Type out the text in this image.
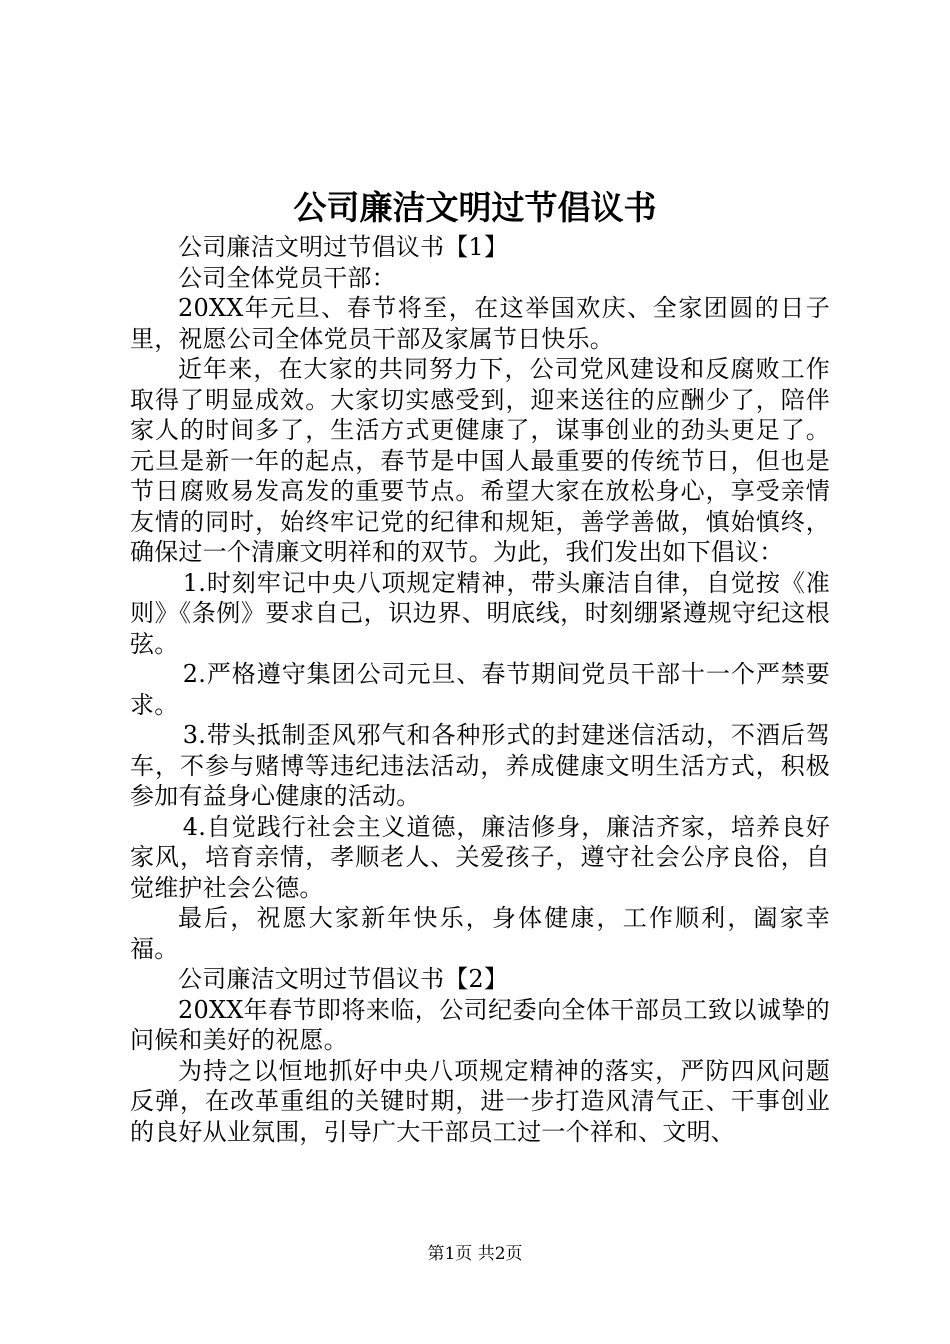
公司廉洁文明过节倡议书

公司廉洁文明过节倡议书【1】

公司全体党员干部：

20XX年元旦、春节将至，在这举国欢庆、全家团圆的日子里，祝愿公司全体党员干部及家属节日快乐。

近年来，在大家的共同努力下，公司党风建设和反腐败工作取得了明显成效。大家切实感受到，迎来送往的应酬少了，陪伴家人的时间多了，生活方式更健康了，谋事创业的劲头更足了。元旦是新一年的起点，春节是中国人最重要的传统节日，但也是节日腐败易发高发的重要节点。希望大家在放松身心，享受亲情友情的同时，始终牢记党的纪律和规矩，善学善做，慎始慎终，确保过一个清廉文明祥和的双节。为此，我们发出如下倡议：

1.时刻牢记中央八项规定精神，带头廉洁自律，自觉按《准则》《条例》要求自己，识边界、明底线，时刻绷紧遵规守纪这根弦。

2.严格遵守集团公司元旦、春节期间党员干部十一个严禁要求。

3.带头抵制歪风邪气和各种形式的封建迷信活动，不酒后驾车，不参与赌博等违纪违法活动，养成健康文明生活方式，积极参加有益身心健康的活动。

4.自觉践行社会主义道德，廉洁修身，廉洁齐家，培养良好家风，培育亲情，孝顺老人、关爱孩子，遵守社会公序良俗，自觉维护社会公德。

最后，祝愿大家新年快乐，身体健康，工作顺利，阖家幸福。

公司廉洁文明过节倡议书【2】

20XX年春节即将来临，公司纪委向全体干部员工致以诚挚的问候和美好的祝愿。

为持之以恒地抓好中央八项规定精神的落实，严防四风问题反弹，在改革重组的关键时期，进一步打造风清气正、干事创业的良好从业氛围，引导广大干部员工过一个祥和、文明、

第1页 共2页
